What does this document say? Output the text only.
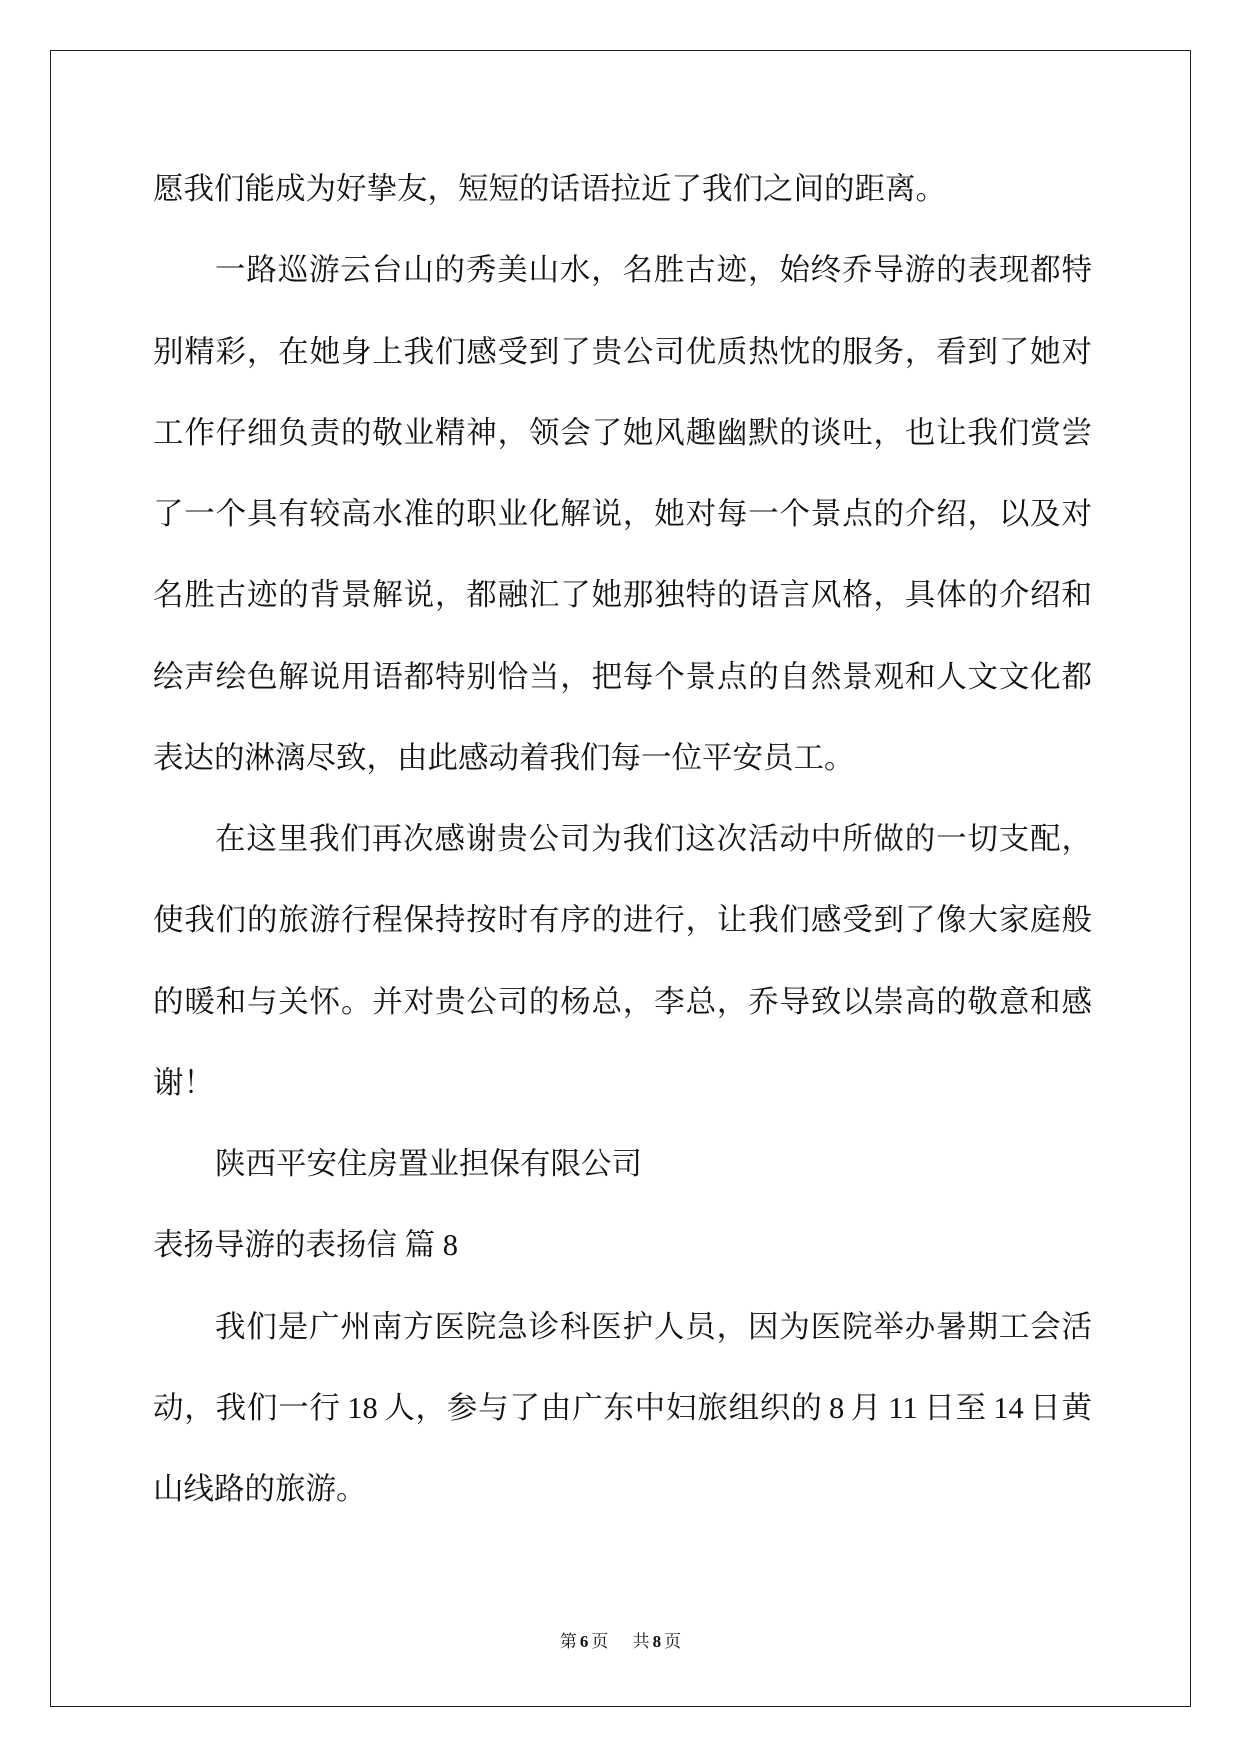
愿我们能成为好挚友，短短的话语拉近了我们之间的距离。
一路巡游云台山的秀美山水，名胜古迹，始终乔导游的表现都特
别精彩，在她身上我们感受到了贵公司优质热忱的服务，看到了她对
工作仔细负责的敬业精神，领会了她风趣幽默的谈吐，也让我们赏尝
了一个具有较高水准的职业化解说，她对每一个景点的介绍，以及对
名胜古迹的背景解说，都融汇了她那独特的语言风格，具体的介绍和
绘声绘色解说用语都特别恰当，把每个景点的自然景观和人文文化都
表达的淋漓尽致，由此感动着我们每一位平安员工。
在这里我们再次感谢贵公司为我们这次活动中所做的一切支配，
使我们的旅游行程保持按时有序的进行，让我们感受到了像大家庭般
的暖和与关怀。并对贵公司的杨总，李总，乔导致以崇高的敬意和感
谢！
陕西平安住房置业担保有限公司
表扬导游的表扬信 篇 8
我们是广州南方医院急诊科医护人员，因为医院举办暑期工会活
动，我们一行 18 人，参与了由广东中妇旅组织的 8 月 11 日至 14 日黄
山线路的旅游。
第 6 页 共 8 页
